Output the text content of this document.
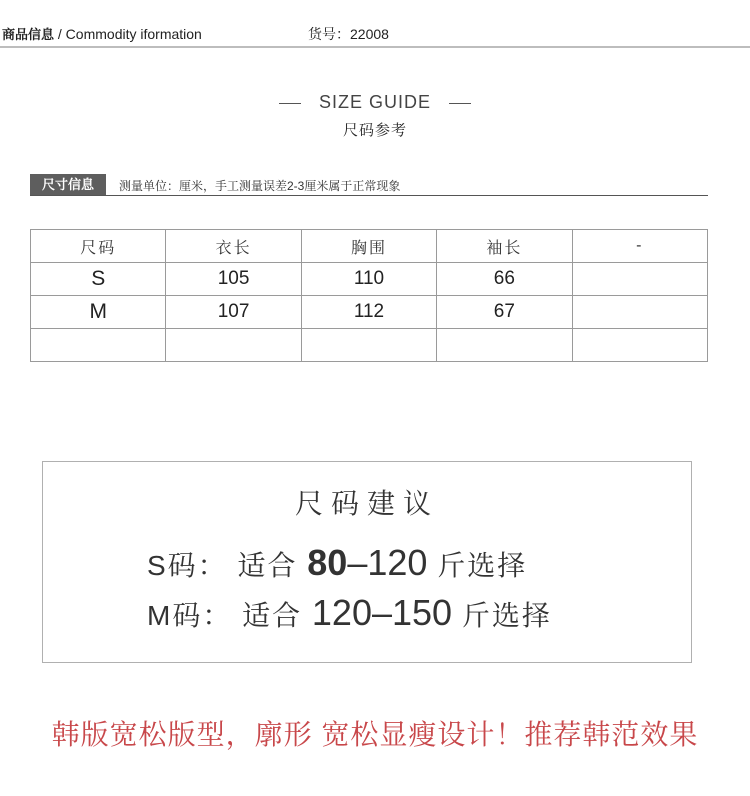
商品信息 / Commodity iformation	货号：22008
SIZE GUIDE
尺码参考
尺寸信息	测量单位：厘米，手工测量误差2-3厘米属于正常现象
尺码	衣长	胸围	袖长	-
S	105	110	66	
M	107	112	67	

尺码建议
S码： 适合 80–120 斤选择
M码： 适合 120–150 斤选择
韩版宽松版型，廓形 宽松显瘦设计！推荐韩范效果
